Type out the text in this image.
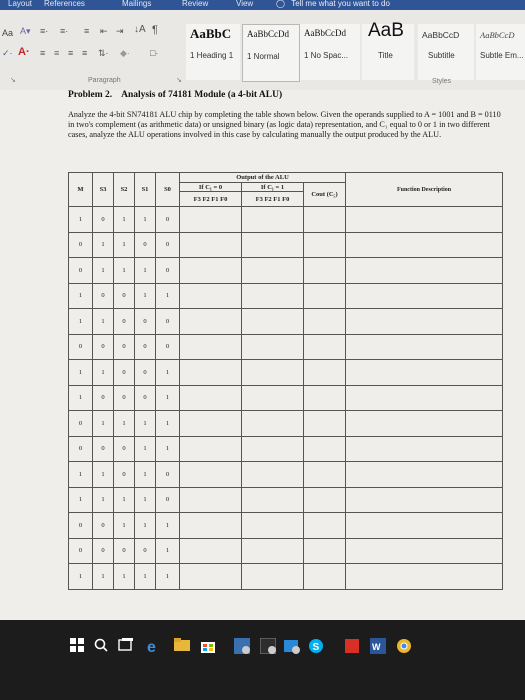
Layout	References	Mailings	Review	View	◯ Tell me what you want to do
Aa A▾
✓· A·
≡· ≡· ≡ ⇤ ⇥ ↓A ¶
≡ ≡ ≡ ≡ ⇅· ◆· □·
Paragraph
↘	↘
AaBbC
1 Heading 1
AaBbCcDd
1 Normal
AaBbCcDd
1 No Spac...
AaB
Title
AaBbCcD
Subtitle
AaBbCcD
Subtle Em...
Styles
Problem 2. Analysis of 74181 Module (a 4-bit ALU)
Analyze the 4-bit SN74181 ALU chip by completing the table shown below. Given the operands supplied to A = 1001 and B = 0110 in two's complement (as arithmetic data) or unsigned binary (as logic data) representation, and C₁ equal to 0 or 1 in two different cases, analyze the ALU operations involved in this case by calculating manually the output produced by the ALU.
M	S3	S2	S1	S0	Output of the ALU			Function Description
					If C₁ = 0	If C₁ = 1	Cout (C₅)	
					F3 F2 F1 F0	F3 F2 F1 F0		
1	0	1	1	0				
0	1	1	0	0				
0	1	1	1	0				
1	0	0	1	1				
1	1	0	0	0				
0	0	0	0	0				
1	1	0	0	1				
1	0	0	0	1				
0	1	1	1	1				
0	0	0	1	1				
1	1	0	1	0				
1	1	1	1	0				
0	0	1	1	1				
0	0	0	0	1				
1	1	1	1	1				
e	S	W
